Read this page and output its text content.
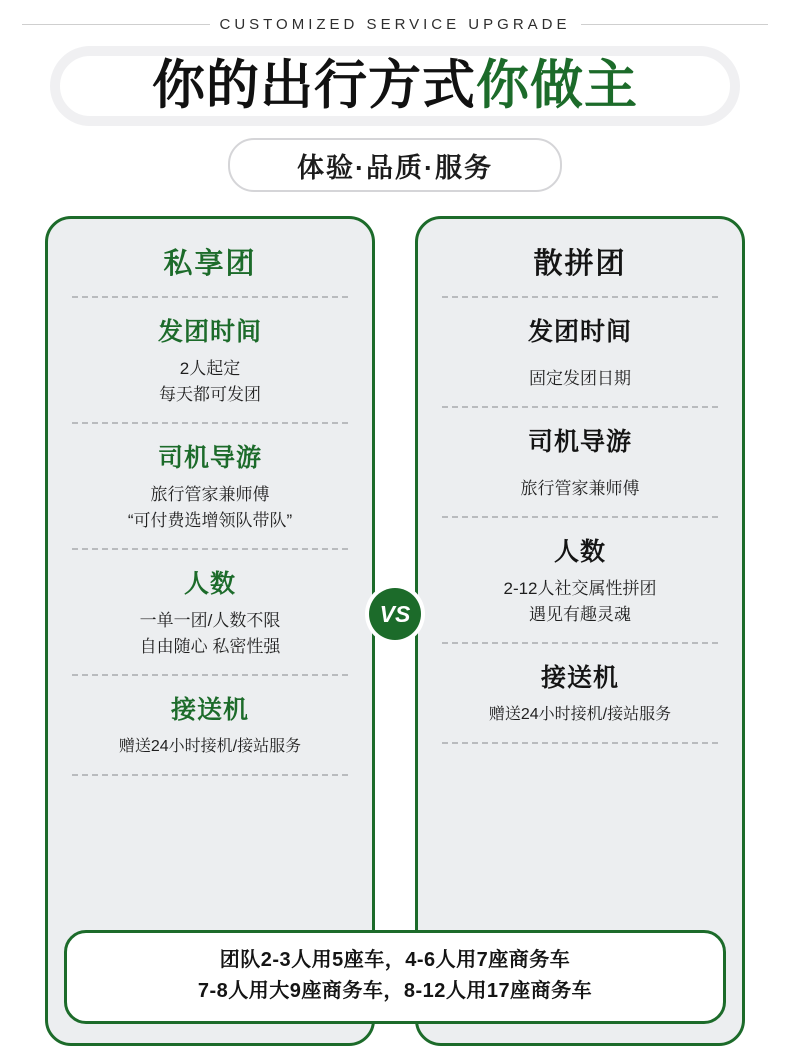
CUSTOMIZED SERVICE UPGRADE
你的出行方式你做主
体验·品质·服务
私享团
发团时间
2人起定
每天都可发团
司机导游
旅行管家兼师傅
“可付费选增领队带队”
人数
一单一团/人数不限
自由随心 私密性强
接送机
赠送24小时接机/接站服务
散拼团
发团时间
固定发团日期
司机导游
旅行管家兼师傅
人数
2-12人社交属性拼团
遇见有趣灵魂
接送机
赠送24小时接机/接站服务
VS
团队2-3人用5座车，4-6人用7座商务车
7-8人用大9座商务车，8-12人用17座商务车
